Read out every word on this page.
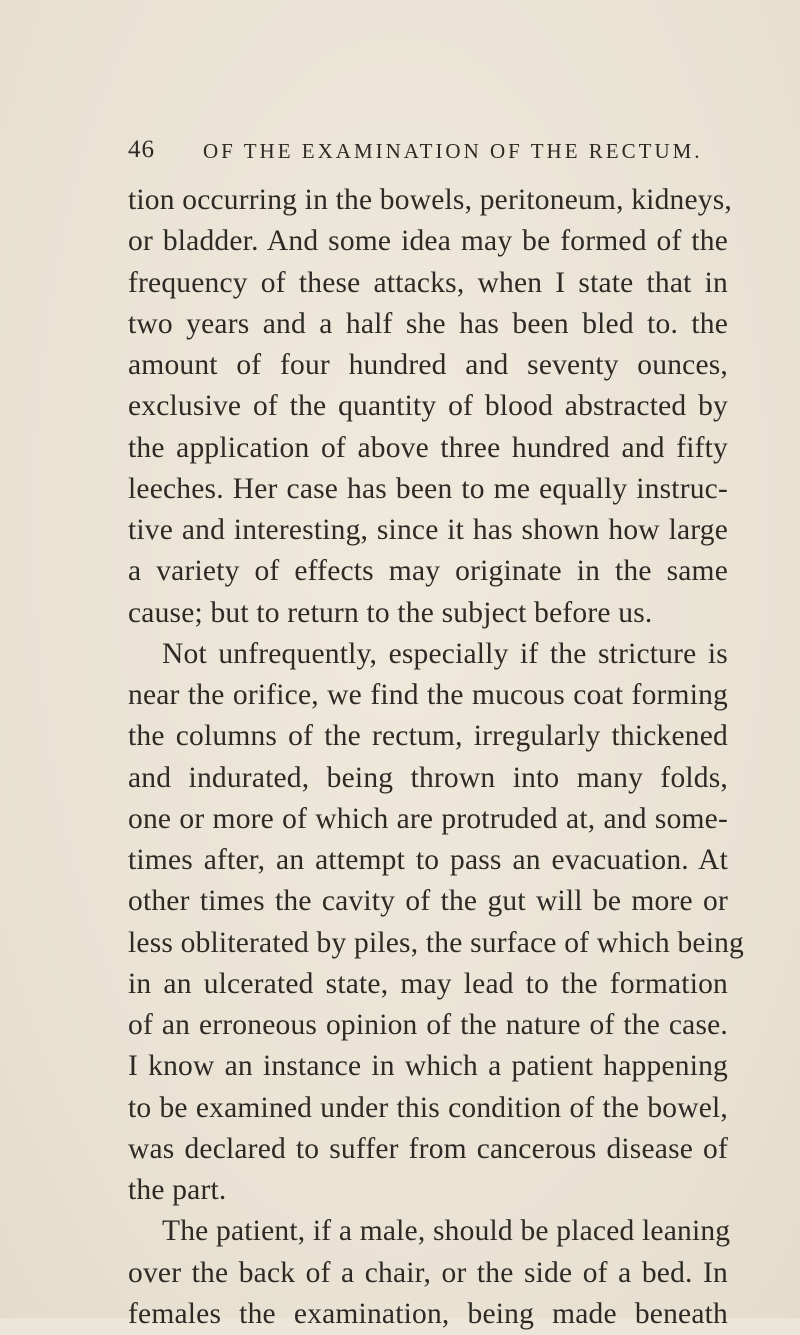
46 OF THE EXAMINATION OF THE RECTUM.
tion occurring in the bowels, peritoneum, kidneys,
or bladder. And some idea may be formed of the
frequency of these attacks, when I state that in
two years and a half she has been bled to. the
amount of four hundred and seventy ounces,
exclusive of the quantity of blood abstracted by
the application of above three hundred and fifty
leeches. Her case has been to me equally instruc-
tive and interesting, since it has shown how large
a variety of effects may originate in the same
cause; but to return to the subject before us.
Not unfrequently, especially if the stricture is
near the orifice, we find the mucous coat forming
the columns of the rectum, irregularly thickened
and indurated, being thrown into many folds,
one or more of which are protruded at, and some-
times after, an attempt to pass an evacuation. At
other times the cavity of the gut will be more or
less obliterated by piles, the surface of which being
in an ulcerated state, may lead to the formation
of an erroneous opinion of the nature of the case.
I know an instance in which a patient happening
to be examined under this condition of the bowel,
was declared to suffer from cancerous disease of
the part.
The patient, if a male, should be placed leaning
over the back of a chair, or the side of a bed. In
females the examination, being made beneath
